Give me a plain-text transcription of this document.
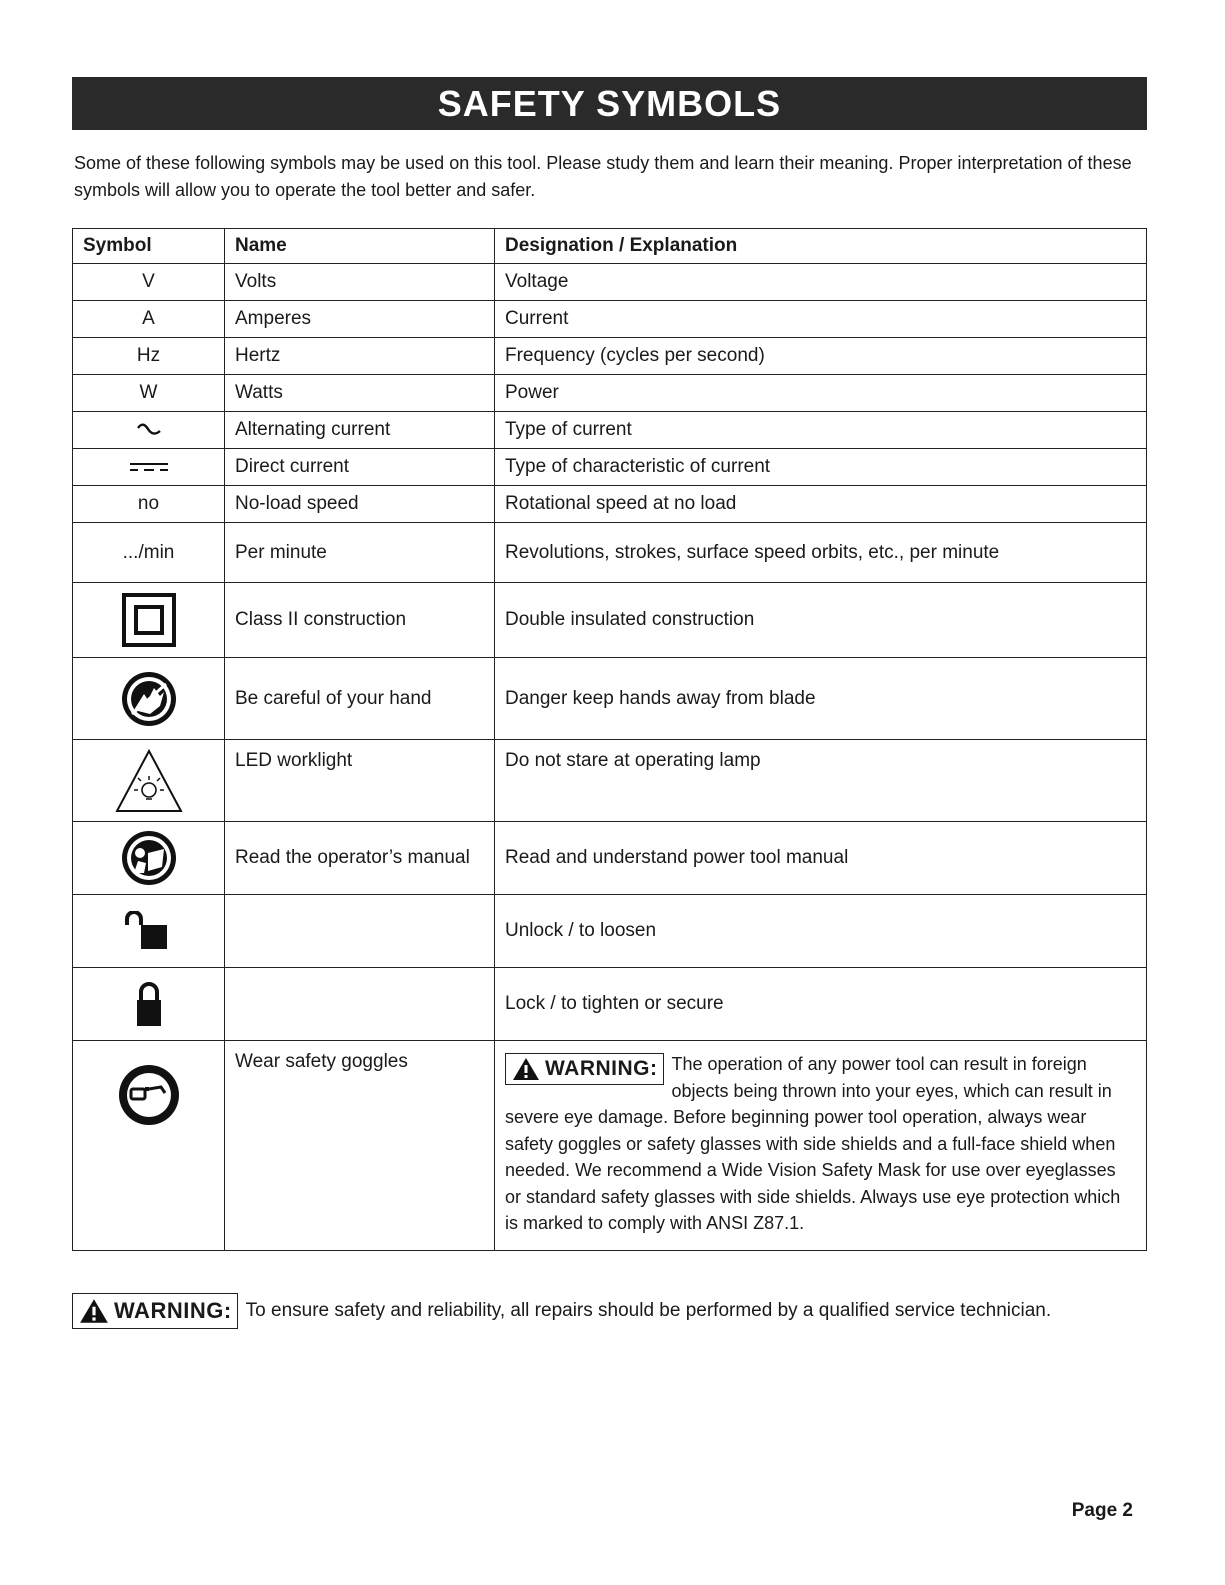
SAFETY SYMBOLS

Some of these following symbols may be used on this tool. Please study them and learn their meaning. Proper interpretation of these symbols will allow you to operate the tool better and safer.

Symbol	Name	Designation / Explanation
V	Volts	Voltage
A	Amperes	Current
Hz	Hertz	Frequency (cycles per second)
W	Watts	Power

	Alternating current	Type of current

	Direct current	Type of characteristic of current
no	No-load speed	Rotational speed at no load
.../min	Per minute	Revolutions, strokes, surface speed orbits, etc., per minute

	Class II construction	Double insulated construction

	Be careful of your hand	Danger keep hands away from blade

	LED worklight	Do not stare at operating lamp

	Read the operator’s manual	Read and understand power tool manual

		Unlock / to loosen

		Lock / to tighten or secure

	Wear safety goggles	WARNING: The operation of any power tool can result in foreign objects being thrown into your eyes, which can result in severe eye damage. Before beginning power tool operation, always wear safety goggles or safety glasses with side shields and a full-face shield when needed. We recommend a Wide Vision Safety Mask for use over eyeglasses or standard safety glasses with side shields. Always use eye protection which is marked to comply with ANSI Z87.1.
WARNING: To ensure safety and reliability, all repairs should be performed by a qualified service technician.
Page 2
